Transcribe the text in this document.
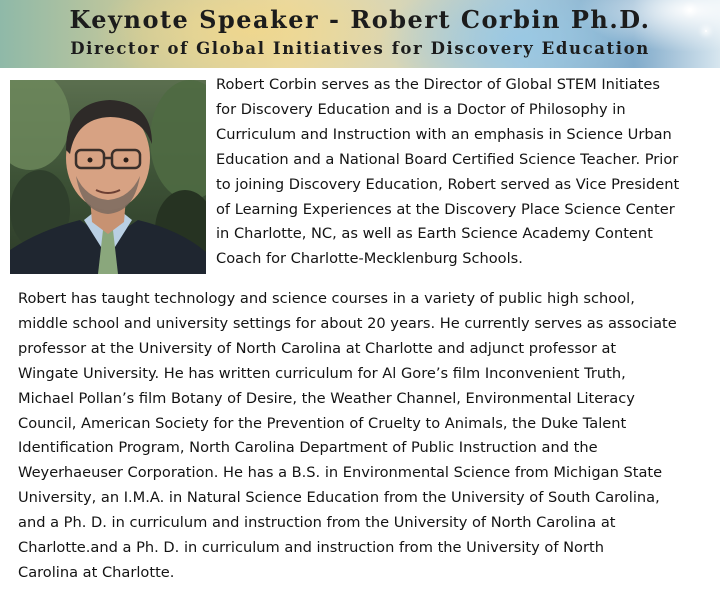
Keynote Speaker - Robert Corbin Ph.D.
Director of Global Initiatives for Discovery Education
Robert Corbin serves as the Director of Global STEM Initiates
for Discovery Education and is a Doctor of Philosophy in
Curriculum and Instruction with an emphasis in Science Urban
Education and a National Board Certified Science Teacher. Prior
to joining Discovery Education, Robert served as Vice President
of Learning Experiences at the Discovery Place Science Center
in Charlotte, NC, as well as Earth Science Academy Content
Coach for Charlotte-Mecklenburg Schools.
Robert has taught technology and science courses in a variety of public high school,
middle school and university settings for about 20 years. He currently serves as associate
professor at the University of North Carolina at Charlotte and adjunct professor at
Wingate University. He has written curriculum for Al Gore’s film Inconvenient Truth,
Michael Pollan’s film Botany of Desire, the Weather Channel, Environmental Literacy
Council, American Society for the Prevention of Cruelty to Animals, the Duke Talent
Identification Program, North Carolina Department of Public Instruction and the
Weyerhaeuser Corporation. He has a B.S. in Environmental Science from Michigan State
University, an I.M.A. in Natural Science Education from the University of South Carolina,
and a Ph. D. in curriculum and instruction from the University of North Carolina at
Charlotte.and a Ph. D. in curriculum and instruction from the University of North
Carolina at Charlotte.
